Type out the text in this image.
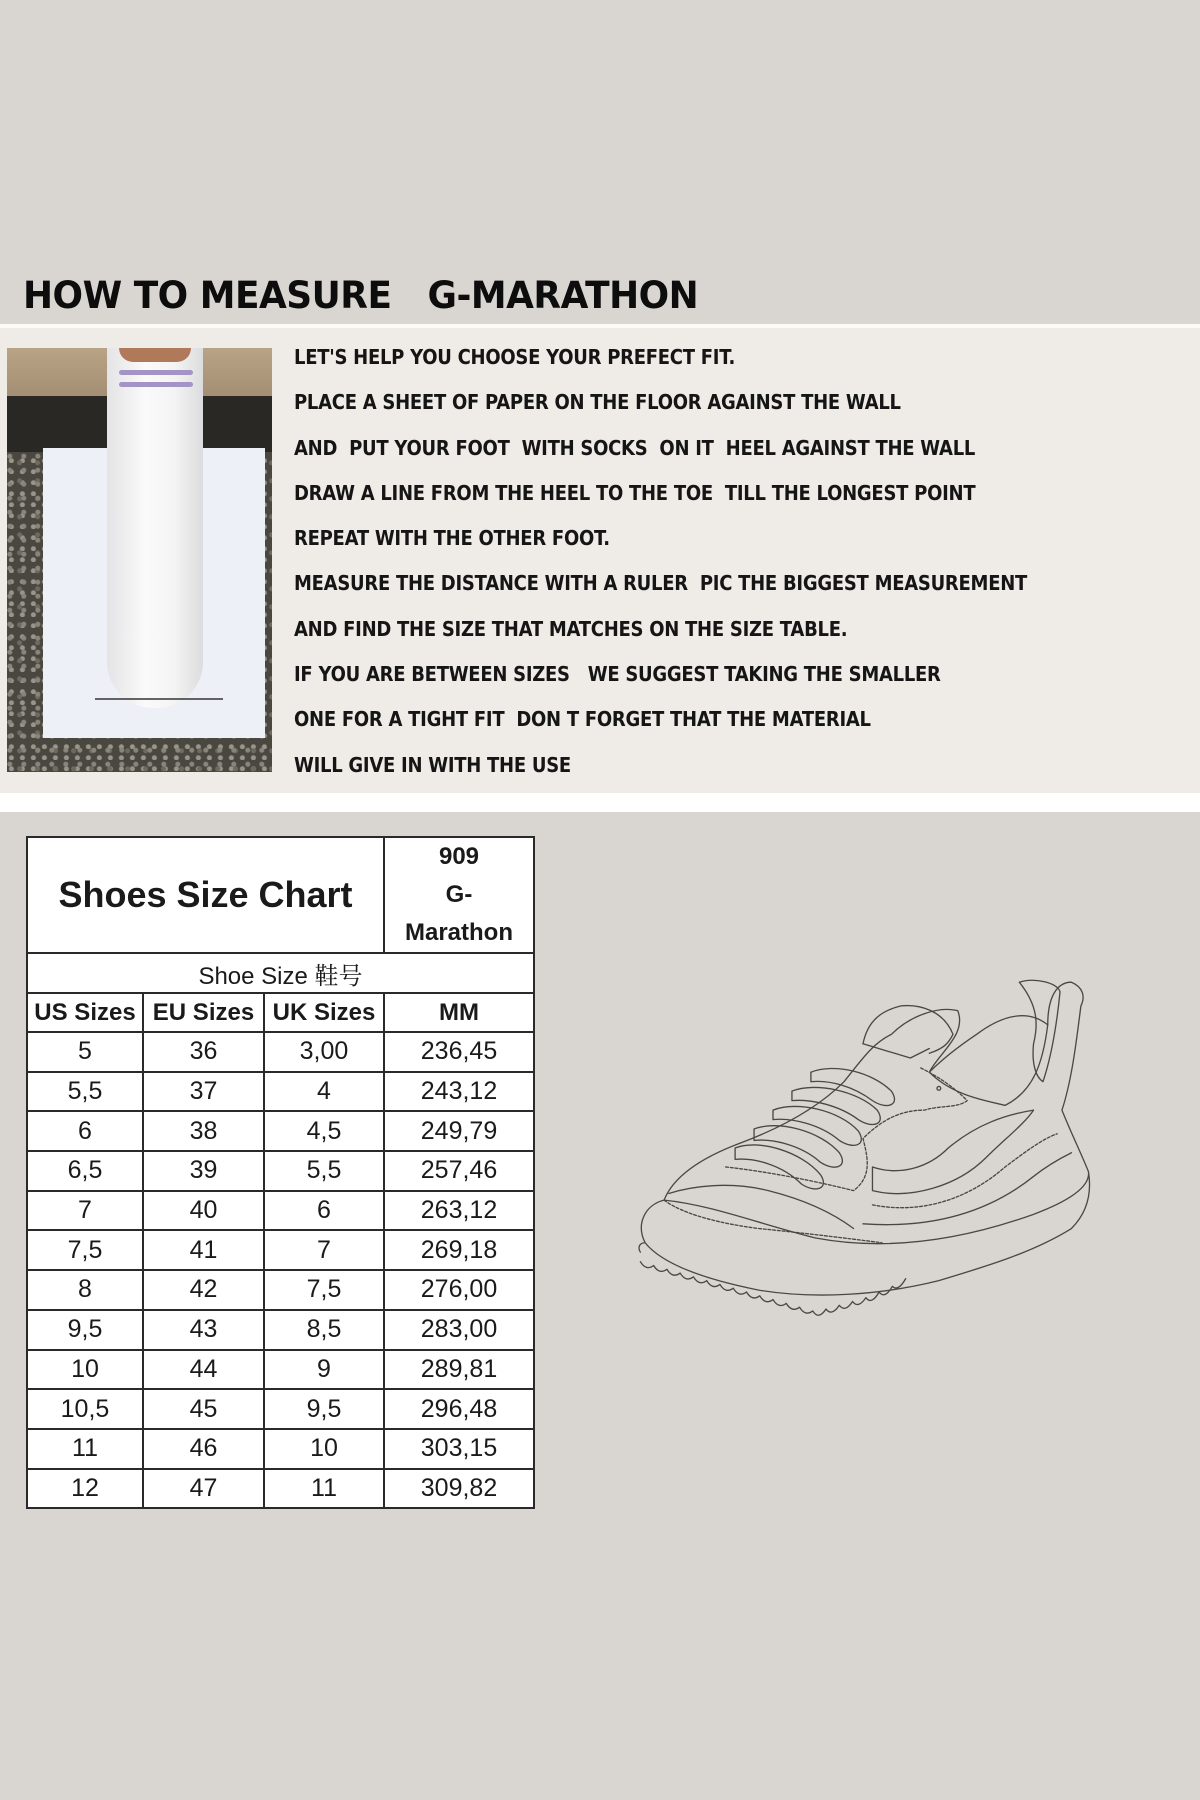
HOW TO MEASURE   G-MARATHON
LET'S HELP YOU CHOOSE YOUR PREFECT FIT.
PLACE A SHEET OF PAPER ON THE FLOOR AGAINST THE WALL
AND  PUT YOUR FOOT  WITH SOCKS  ON IT  HEEL AGAINST THE WALL
DRAW A LINE FROM THE HEEL TO THE TOE  TILL THE LONGEST POINT
REPEAT WITH THE OTHER FOOT.
MEASURE THE DISTANCE WITH A RULER  PIC THE BIGGEST MEASUREMENT
AND FIND THE SIZE THAT MATCHES ON THE SIZE TABLE.
IF YOU ARE BETWEEN SIZES   WE SUGGEST TAKING THE SMALLER
ONE FOR A TIGHT FIT  DON T FORGET THAT THE MATERIAL
WILL GIVE IN WITH THE USE
Shoes Size Chart			909
G-
Marathon

Shoe Size 鞋号			
US Sizes	EU Sizes	UK Sizes	MM
5	36	3,00	236,45
5,5	37	4	243,12
6	38	4,5	249,79
6,5	39	5,5	257,46
7	40	6	263,12
7,5	41	7	269,18
8	42	7,5	276,00
9,5	43	8,5	283,00
10	44	9	289,81
10,5	45	9,5	296,48
11	46	10	303,15
12	47	11	309,82
